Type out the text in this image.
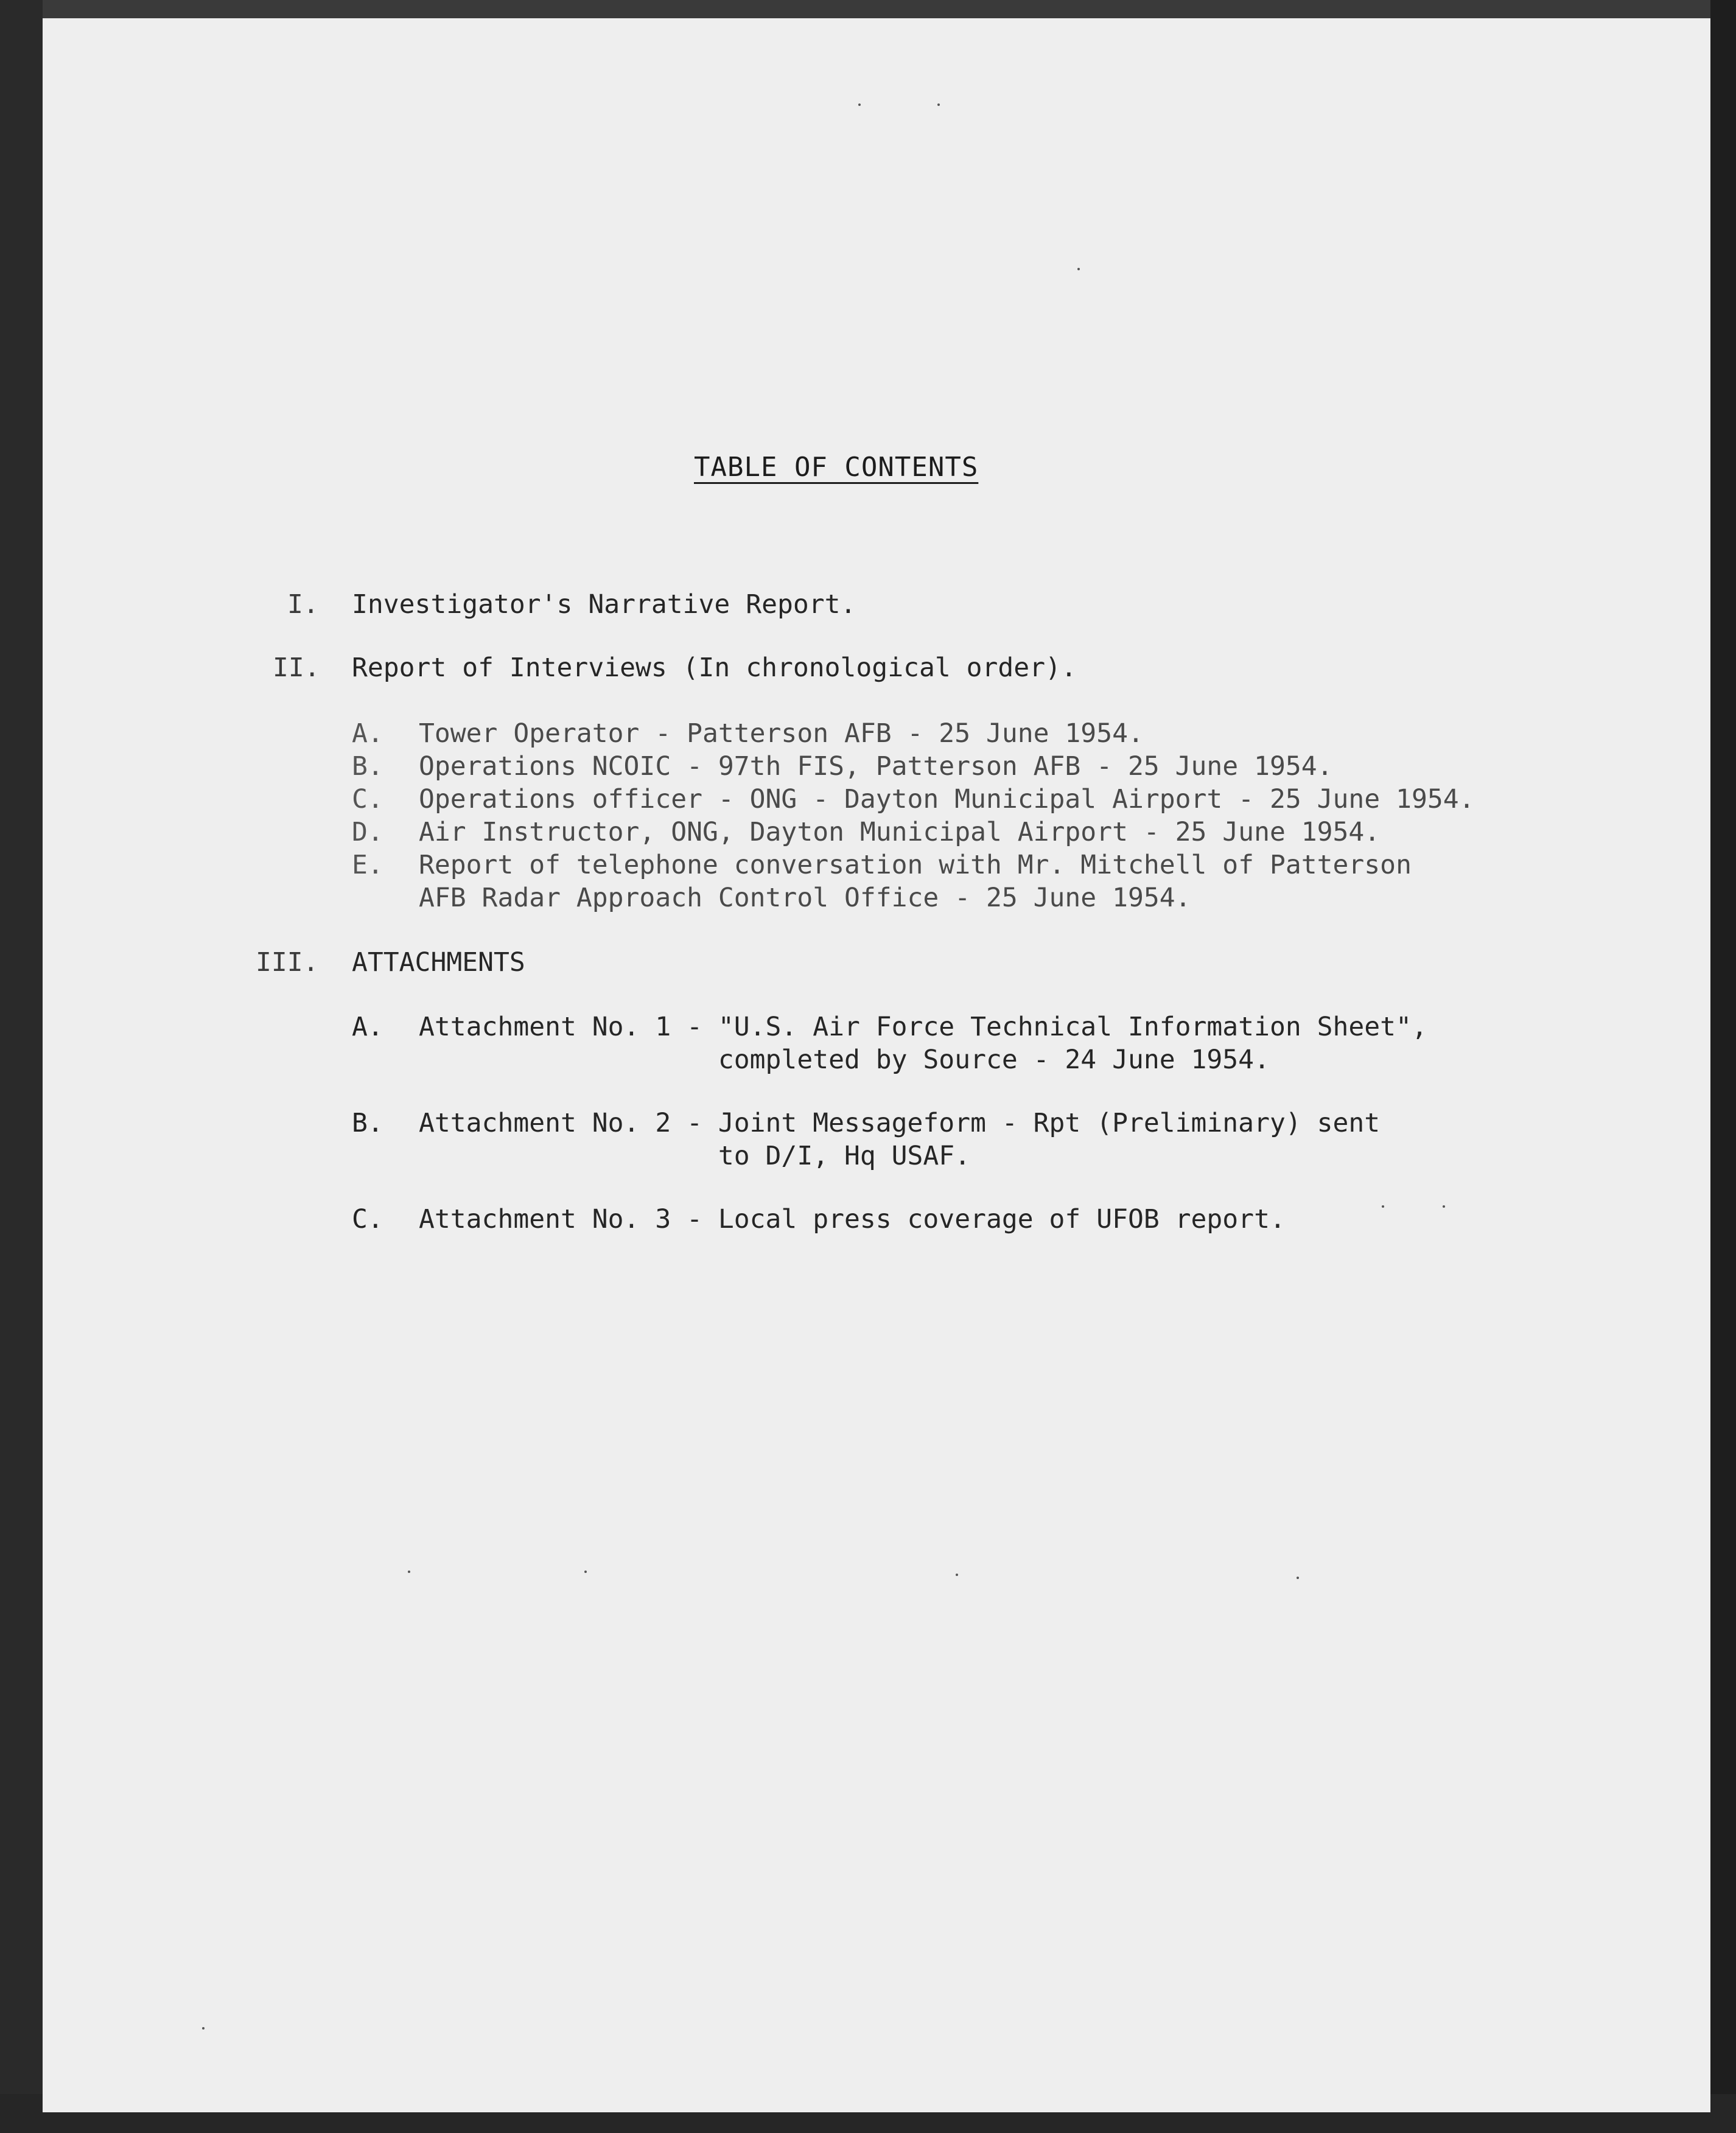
TABLE OF CONTENTS
I. Investigator's Narrative Report.
II. Report of Interviews (In chronological order).
A. Tower Operator - Patterson AFB - 25 June 1954.
B. Operations NCOIC - 97th FIS, Patterson AFB - 25 June 1954.
C. Operations officer - ONG - Dayton Municipal Airport - 25 June 1954.
D. Air Instructor, ONG, Dayton Municipal Airport - 25 June 1954.
E. Report of telephone conversation with Mr. Mitchell of Patterson
AFB Radar Approach Control Office - 25 June 1954.
III. ATTACHMENTS
A. Attachment No. 1 - "U.S. Air Force Technical Information Sheet",
completed by Source - 24 June 1954.
B. Attachment No. 2 - Joint Messageform - Rpt (Preliminary) sent
to D/I, Hq USAF.
C. Attachment No. 3 - Local press coverage of UFOB report.
